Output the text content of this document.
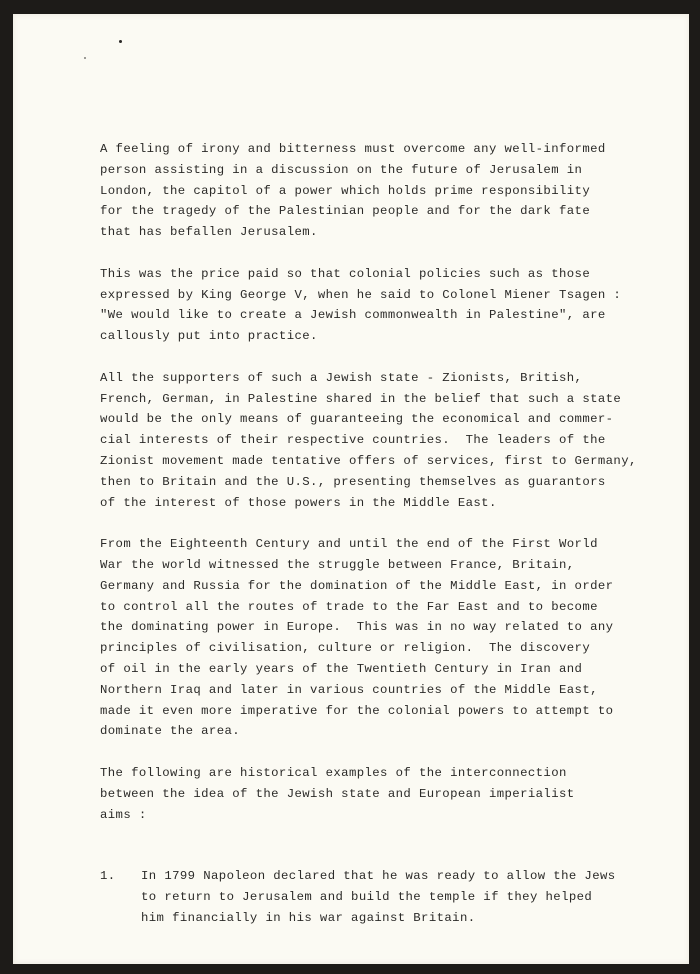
A feeling of irony and bitterness must overcome any well-informed
person assisting in a discussion on the future of Jerusalem in
London, the capitol of a power which holds prime responsibility
for the tragedy of the Palestinian people and for the dark fate
that has befallen Jerusalem.
This was the price paid so that colonial policies such as those
expressed by King George V, when he said to Colonel Miener Tsagen :
"We would like to create a Jewish commonwealth in Palestine", are
callously put into practice.
All the supporters of such a Jewish state - Zionists, British,
French, German, in Palestine shared in the belief that such a state
would be the only means of guaranteeing the economical and commer-
cial interests of their respective countries.  The leaders of the
Zionist movement made tentative offers of services, first to Germany,
then to Britain and the U.S., presenting themselves as guarantors
of the interest of those powers in the Middle East.
From the Eighteenth Century and until the end of the First World
War the world witnessed the struggle between France, Britain,
Germany and Russia for the domination of the Middle East, in order
to control all the routes of trade to the Far East and to become
the dominating power in Europe.  This was in no way related to any
principles of civilisation, culture or religion.  The discovery
of oil in the early years of the Twentieth Century in Iran and
Northern Iraq and later in various countries of the Middle East,
made it even more imperative for the colonial powers to attempt to
dominate the area.
The following are historical examples of the interconnection
between the idea of the Jewish state and European imperialist
aims :
1. In 1799 Napoleon declared that he was ready to allow the Jews
to return to Jerusalem and build the temple if they helped
him financially in his war against Britain.
